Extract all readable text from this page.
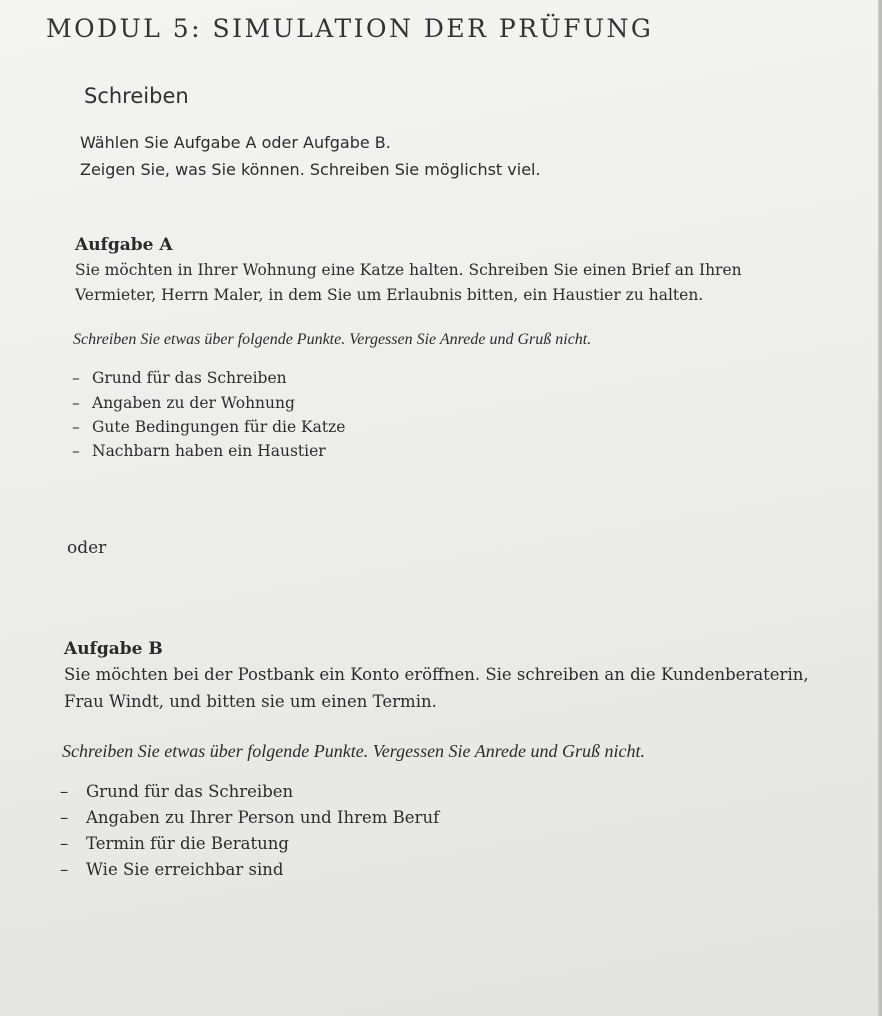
MODUL 5: SIMULATION DER PRÜFUNG
Schreiben
Wählen Sie Aufgabe A oder Aufgabe B.
Zeigen Sie, was Sie können. Schreiben Sie möglichst viel.
Aufgabe A
Sie möchten in Ihrer Wohnung eine Katze halten. Schreiben Sie einen Brief an Ihren
Vermieter, Herrn Maler, in dem Sie um Erlaubnis bitten, ein Haustier zu halten.
Schreiben Sie etwas über folgende Punkte. Vergessen Sie Anrede und Gruß nicht.
– Grund für das Schreiben
– Angaben zu der Wohnung
– Gute Bedingungen für die Katze
– Nachbarn haben ein Haustier
oder
Aufgabe B
Sie möchten bei der Postbank ein Konto eröffnen. Sie schreiben an die Kundenberaterin,
Frau Windt, und bitten sie um einen Termin.
Schreiben Sie etwas über folgende Punkte. Vergessen Sie Anrede und Gruß nicht.
– Grund für das Schreiben
– Angaben zu Ihrer Person und Ihrem Beruf
– Termin für die Beratung
– Wie Sie erreichbar sind
